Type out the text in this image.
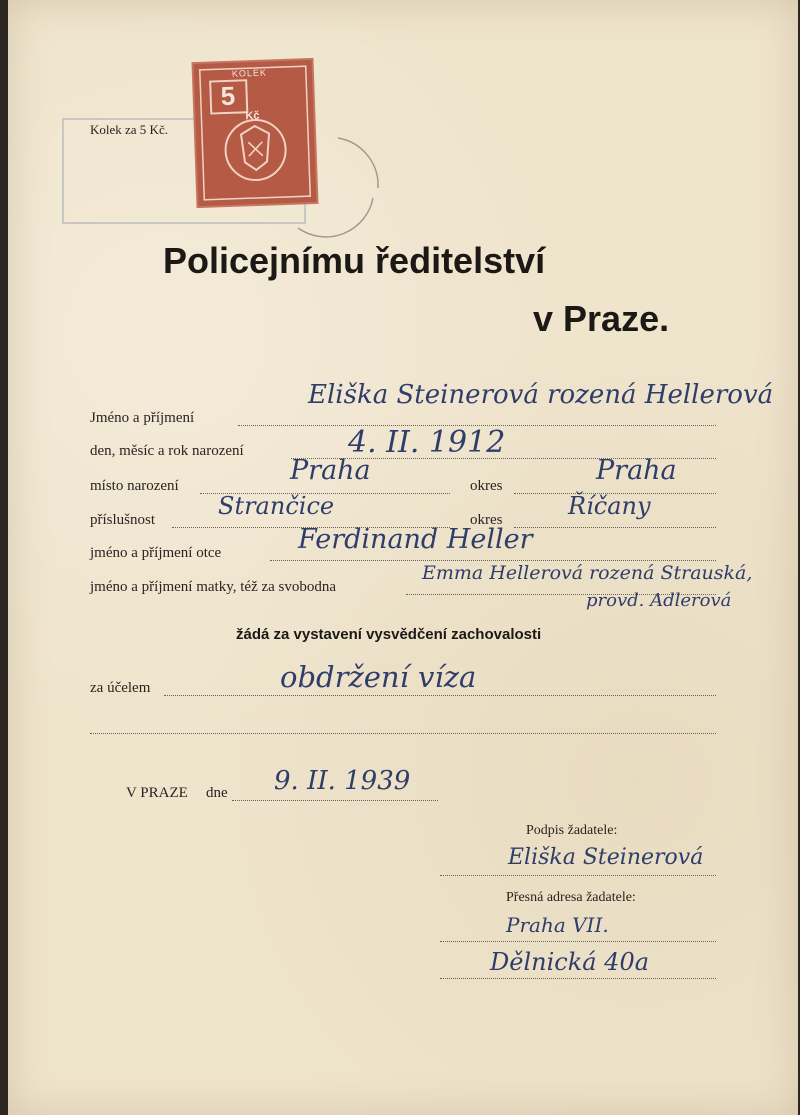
Kolek za 5 Kč.
KOLEK
5
Kč
Policejnímu ředitelství
v Praze.
Jméno a příjmení
Eliška Steinerová rozená Hellerová
den, měsíc a rok narození	4. II. 1912
místo narození	Praha	okres	Praha
příslušnost	Strančice	okres	Říčany
jméno a příjmení otce	Ferdinand Heller
jméno a příjmení matky, též za svobodna
Emma Hellerová rozená Strauská,
provd. Adlerová
žádá za vystavení vysvědčení zachovalosti
za účelem	obdržení víza
V PRAZE dne 9. II. 1939
Podpis žadatele:
Eliška Steinerová
Přesná adresa žadatele:
Praha VII.
Dělnická 40a
